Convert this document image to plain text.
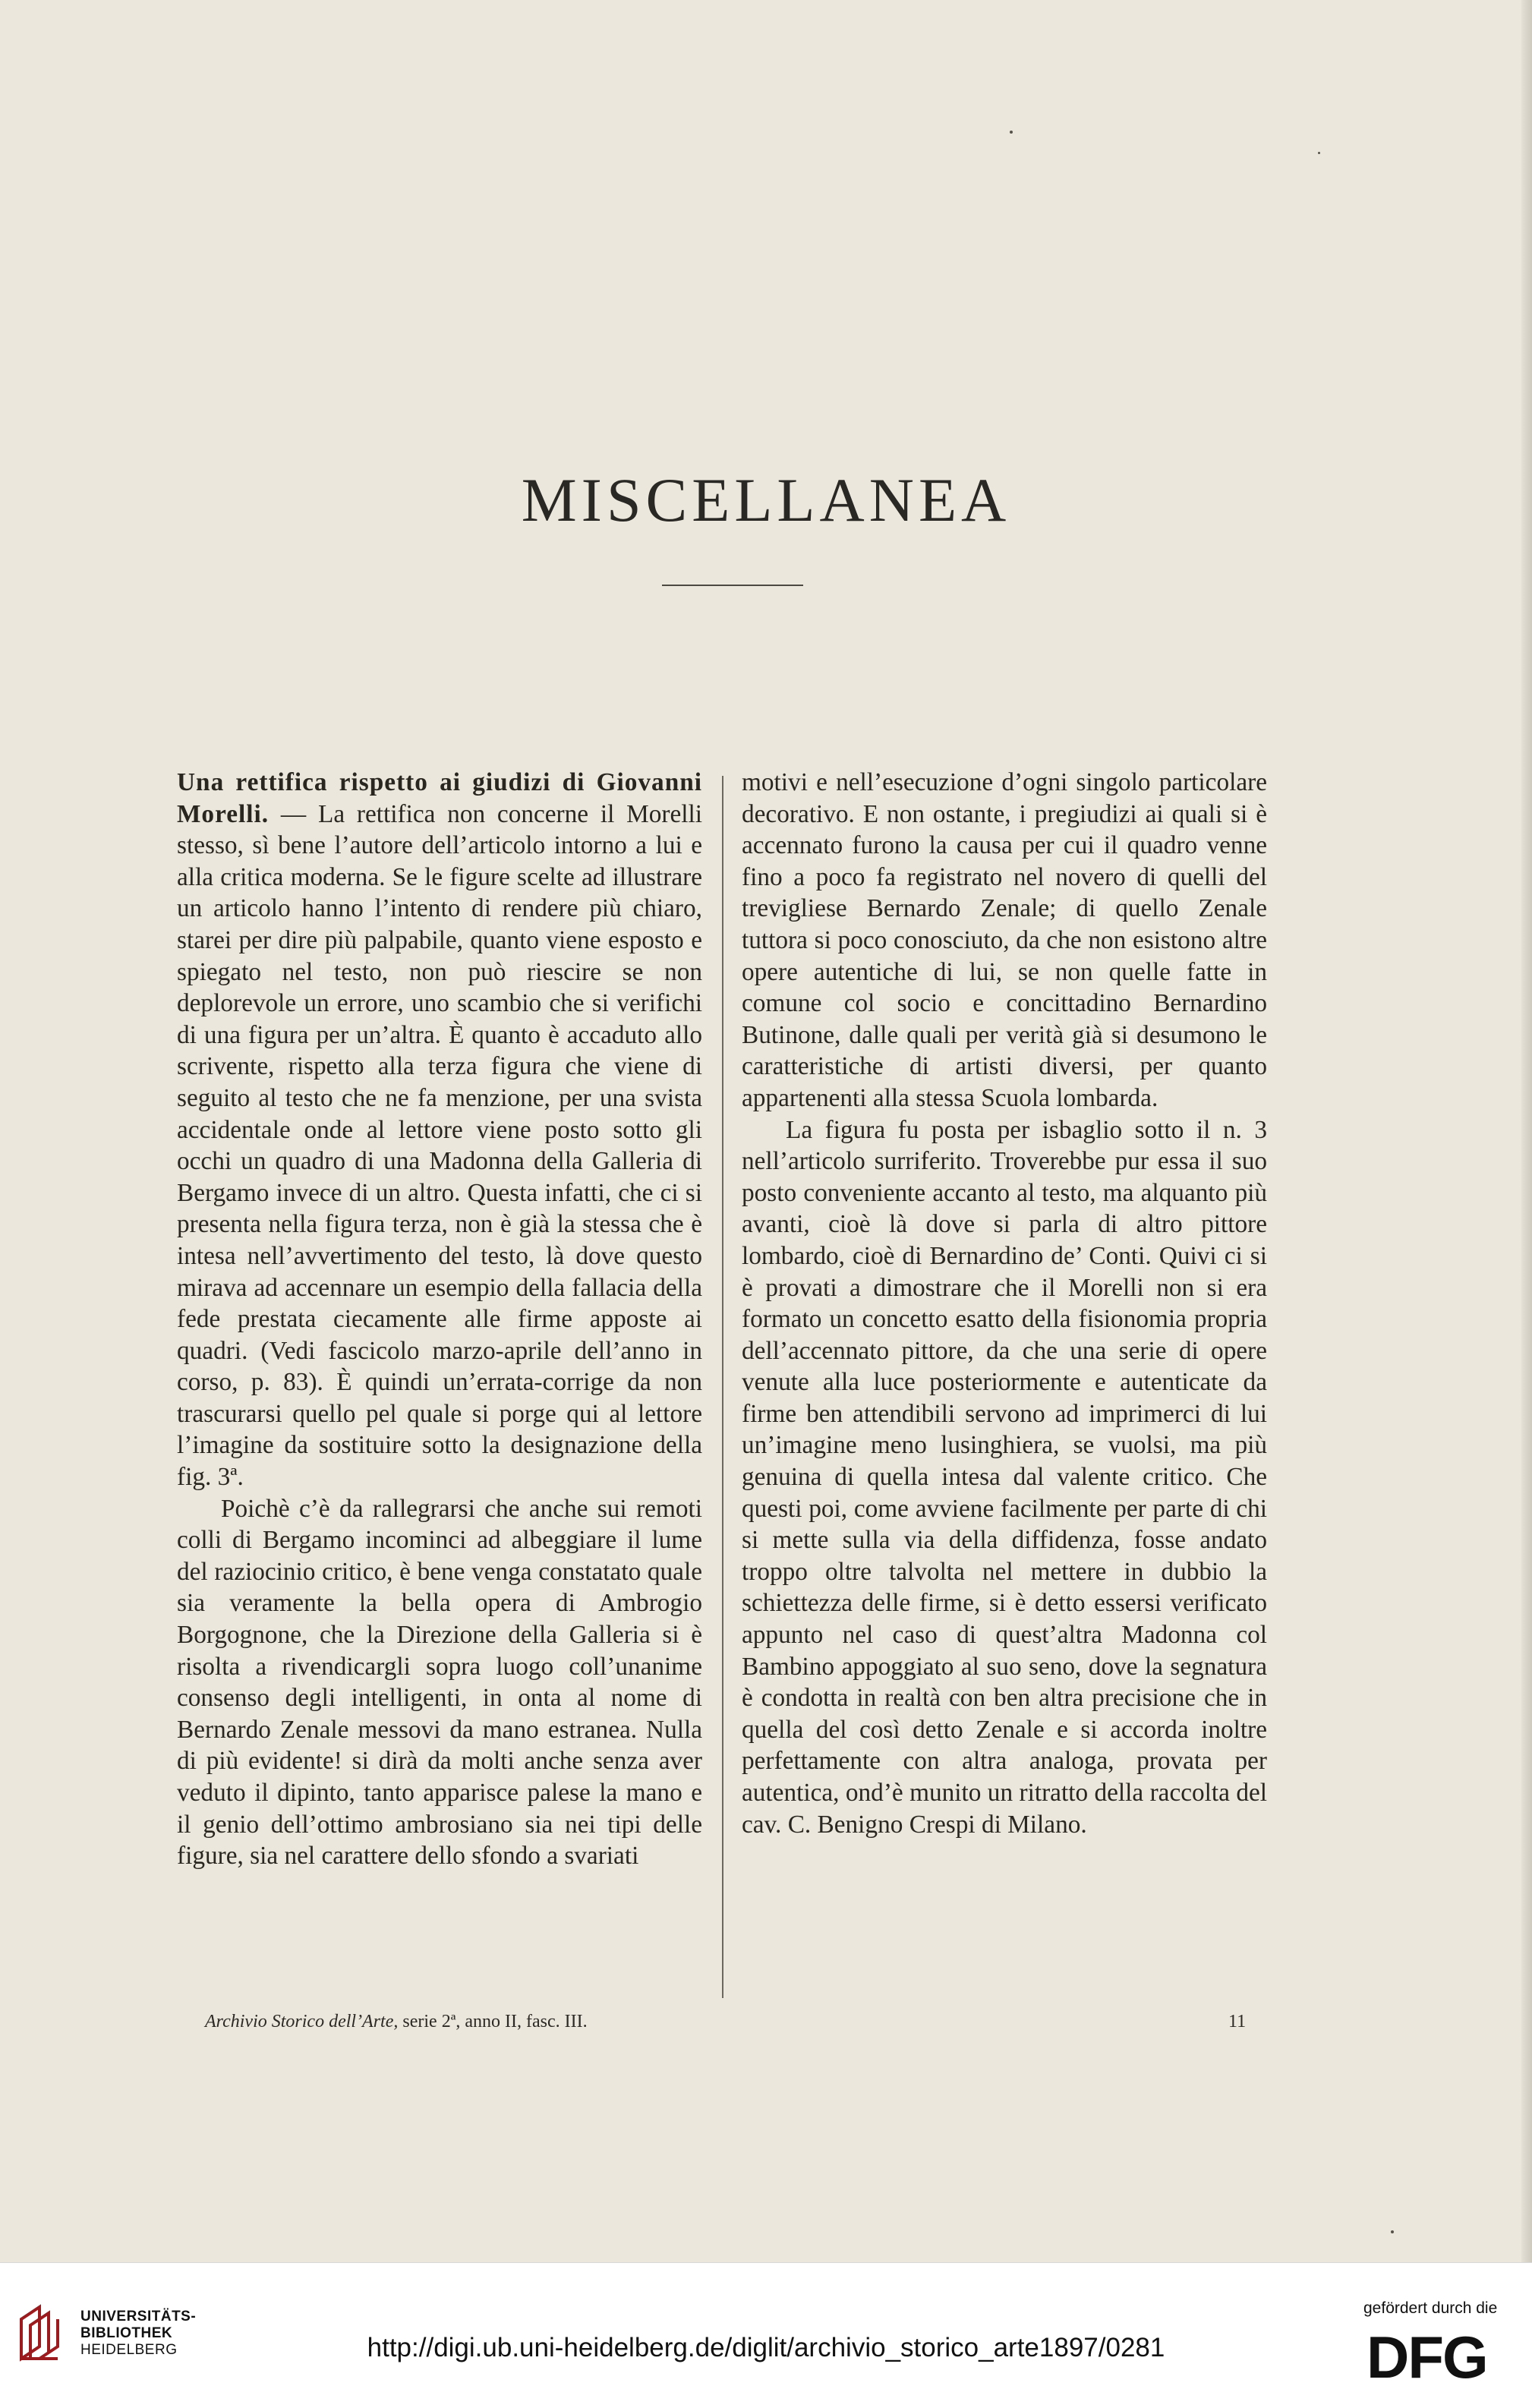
MISCELLANEA

Una rettifica rispetto ai giudizi di Giovanni Morelli. — La rettifica non concerne il Morelli stesso, sì bene l’autore dell’articolo intorno a lui e alla critica moderna. Se le figure scelte ad illustrare un articolo hanno l’intento di rendere più chiaro, starei per dire più palpabile, quanto viene esposto e spiegato nel testo, non può riescire se non deplorevole un errore, uno scambio che si verifichi di una figura per un’altra. È quanto è accaduto allo scrivente, rispetto alla terza figura che viene di seguito al testo che ne fa menzione, per una svista accidentale onde al lettore viene posto sotto gli occhi un quadro di una Madonna della Galleria di Bergamo invece di un altro. Questa infatti, che ci si presenta nella figura terza, non è già la stessa che è intesa nell’avvertimento del testo, là dove questo mirava ad accennare un esempio della fallacia della fede prestata ciecamente alle firme apposte ai quadri. (Vedi fascicolo marzo-aprile dell’anno in corso, p. 83). È quindi un’errata-corrige da non trascurarsi quello pel quale si porge qui al lettore l’imagine da sostituire sotto la designazione della fig. 3ª.

Poichè c’è da rallegrarsi che anche sui remoti colli di Bergamo incominci ad albeggiare il lume del raziocinio critico, è bene venga constatato quale sia veramente la bella opera di Ambrogio Borgognone, che la Direzione della Galleria si è risolta a rivendicargli sopra luogo coll’unanime consenso degli intelligenti, in onta al nome di Bernardo Zenale messovi da mano estranea. Nulla di più evidente! si dirà da molti anche senza aver veduto il dipinto, tanto apparisce palese la mano e il genio dell’ottimo ambrosiano sia nei tipi delle figure, sia nel carattere dello sfondo a svariati

motivi e nell’esecuzione d’ogni singolo particolare decorativo. E non ostante, i pregiudizi ai quali si è accennato furono la causa per cui il quadro venne fino a poco fa registrato nel novero di quelli del trevigliese Bernardo Zenale; di quello Zenale tuttora si poco conosciuto, da che non esistono altre opere autentiche di lui, se non quelle fatte in comune col socio e concittadino Bernardino Butinone, dalle quali per verità già si desumono le caratteristiche di artisti diversi, per quanto appartenenti alla stessa Scuola lombarda.

La figura fu posta per isbaglio sotto il n. 3 nell’articolo surriferito. Troverebbe pur essa il suo posto conveniente accanto al testo, ma alquanto più avanti, cioè là dove si parla di altro pittore lombardo, cioè di Bernardino de’ Conti. Quivi ci si è provati a dimostrare che il Morelli non si era formato un concetto esatto della fisionomia propria dell’accennato pittore, da che una serie di opere venute alla luce posteriormente e autenticate da firme ben attendibili servono ad imprimerci di lui un’imagine meno lusinghiera, se vuolsi, ma più genuina di quella intesa dal valente critico. Che questi poi, come avviene facilmente per parte di chi si mette sulla via della diffidenza, fosse andato troppo oltre talvolta nel mettere in dubbio la schiettezza delle firme, si è detto essersi verificato appunto nel caso di quest’altra Madonna col Bambino appoggiato al suo seno, dove la segnatura è condotta in realtà con ben altra precisione che in quella del così detto Zenale e si accorda inoltre perfettamente con altra analoga, provata per autentica, ond’è munito un ritratto della raccolta del cav. C. Benigno Crespi di Milano.

Archivio Storico dell’Arte, serie 2ª, anno II, fasc. III.	11
UNIVERSITÄTS-
BIBLIOTHEK
HEIDELBERG	http://digi.ub.uni-heidelberg.de/diglit/archivio_storico_arte1897/0281
gefördert durch die
DFG
